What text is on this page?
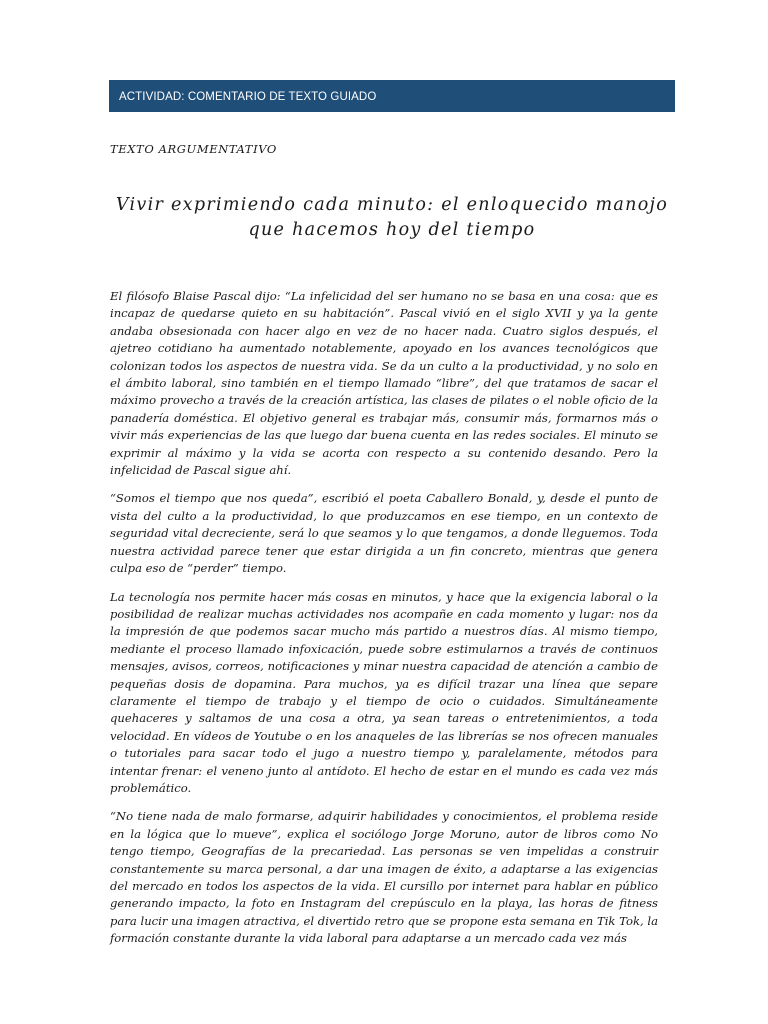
ACTIVIDAD: COMENTARIO DE TEXTO GUIADO

TEXTO ARGUMENTATIVO

Vivir exprimiendo cada minuto: el enloquecido manojo
que hacemos hoy del tiempo

El filósofo Blaise Pascal dijo: “La infelicidad del ser humano no se basa en una cosa: que es incapaz de quedarse quieto en su habitación”. Pascal vivió en el siglo XVII y ya la gente andaba obsesionada con hacer algo en vez de no hacer nada. Cuatro siglos después, el ajetreo cotidiano ha aumentado notablemente, apoyado en los avances tecnológicos que colonizan todos los aspectos de nuestra vida. Se da un culto a la productividad, y no solo en el ámbito laboral, sino también en el tiempo llamado “libre”, del que tratamos de sacar el máximo provecho a través de la creación artística, las clases de pilates o el noble oficio de la panadería doméstica. El objetivo general es trabajar más, consumir más, formarnos más o vivir más experiencias de las que luego dar buena cuenta en las redes sociales. El minuto se exprimir al máximo y la vida se acorta con respecto a su contenido desando. Pero la infelicidad de Pascal sigue ahí.

“Somos el tiempo que nos queda”, escribió el poeta Caballero Bonald, y, desde el punto de vista del culto a la productividad, lo que produzcamos en ese tiempo, en un contexto de seguridad vital decreciente, será lo que seamos y lo que tengamos, a donde lleguemos. Toda nuestra actividad parece tener que estar dirigida a un fin concreto, mientras que genera culpa eso de “perder” tiempo.

La tecnología nos permite hacer más cosas en minutos, y hace que la exigencia laboral o la posibilidad de realizar muchas actividades nos acompañe en cada momento y lugar: nos da la impresión de que podemos sacar mucho más partido a nuestros días. Al mismo tiempo, mediante el proceso llamado infoxicación, puede sobre estimularnos a través de continuos mensajes, avisos, correos, notificaciones y minar nuestra capacidad de atención a cambio de pequeñas dosis de dopamina. Para muchos, ya es difícil trazar una línea que separe claramente el tiempo de trabajo y el tiempo de ocio o cuidados. Simultáneamente quehaceres y saltamos de una cosa a otra, ya sean tareas o entretenimientos, a toda velocidad. En vídeos de Youtube o en los anaqueles de las librerías se nos ofrecen manuales o tutoriales para sacar todo el jugo a nuestro tiempo y, paralelamente, métodos para intentar frenar: el veneno junto al antídoto. El hecho de estar en el mundo es cada vez más problemático.

“No tiene nada de malo formarse, adquirir habilidades y conocimientos, el problema reside en la lógica que lo mueve”, explica el sociólogo Jorge Moruno, autor de libros como No tengo tiempo, Geografías de la precariedad. Las personas se ven impelidas a construir constantemente su marca personal, a dar una imagen de éxito, a adaptarse a las exigencias del mercado en todos los aspectos de la vida. El cursillo por internet para hablar en público generando impacto, la foto en Instagram del crepúsculo en la playa, las horas de fitness para lucir una imagen atractiva, el divertido retro que se propone esta semana en Tik Tok, la formación constante durante la vida laboral para adaptarse a un mercado cada vez más
